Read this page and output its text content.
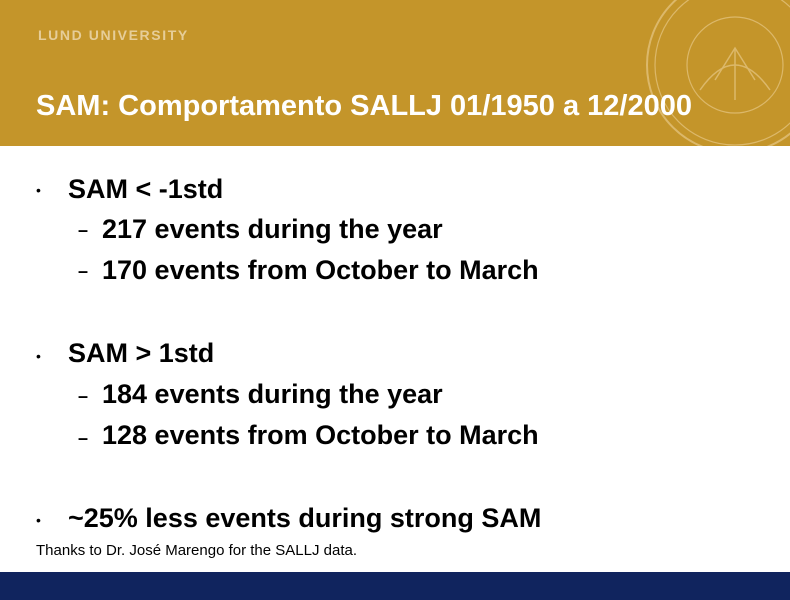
LUND UNIVERSITY
SAM: Comportamento SALLJ 01/1950 a 12/2000
• SAM < -1std
– 217 events during the year
– 170 events from October to March
• SAM > 1std
– 184 events during the year
– 128 events from October to March
• ~25% less events during strong SAM
Thanks to Dr. José Marengo for the SALLJ data.
